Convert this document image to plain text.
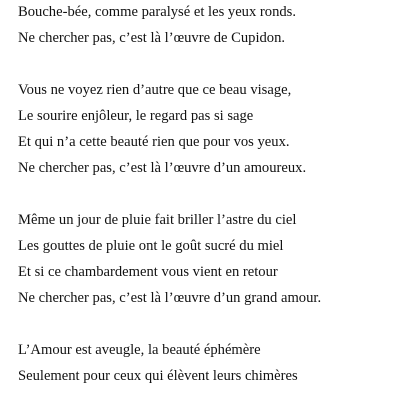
Bouche-bée, comme paralysé et les yeux ronds.
Ne chercher pas, c’est là l’œuvre de Cupidon.
Vous ne voyez rien d’autre que ce beau visage,
Le sourire enjôleur, le regard pas si sage
Et qui n’a cette beauté rien que pour vos yeux.
Ne chercher pas, c’est là l’œuvre d’un amoureux.
Même un jour de pluie fait briller l’astre du ciel
Les gouttes de pluie ont le goût sucré du miel
Et si ce chambardement vous vient en retour
Ne chercher pas, c’est là l’œuvre d’un grand amour.
L’Amour est aveugle, la beauté éphémère
Seulement pour ceux qui élèvent leurs chimères
